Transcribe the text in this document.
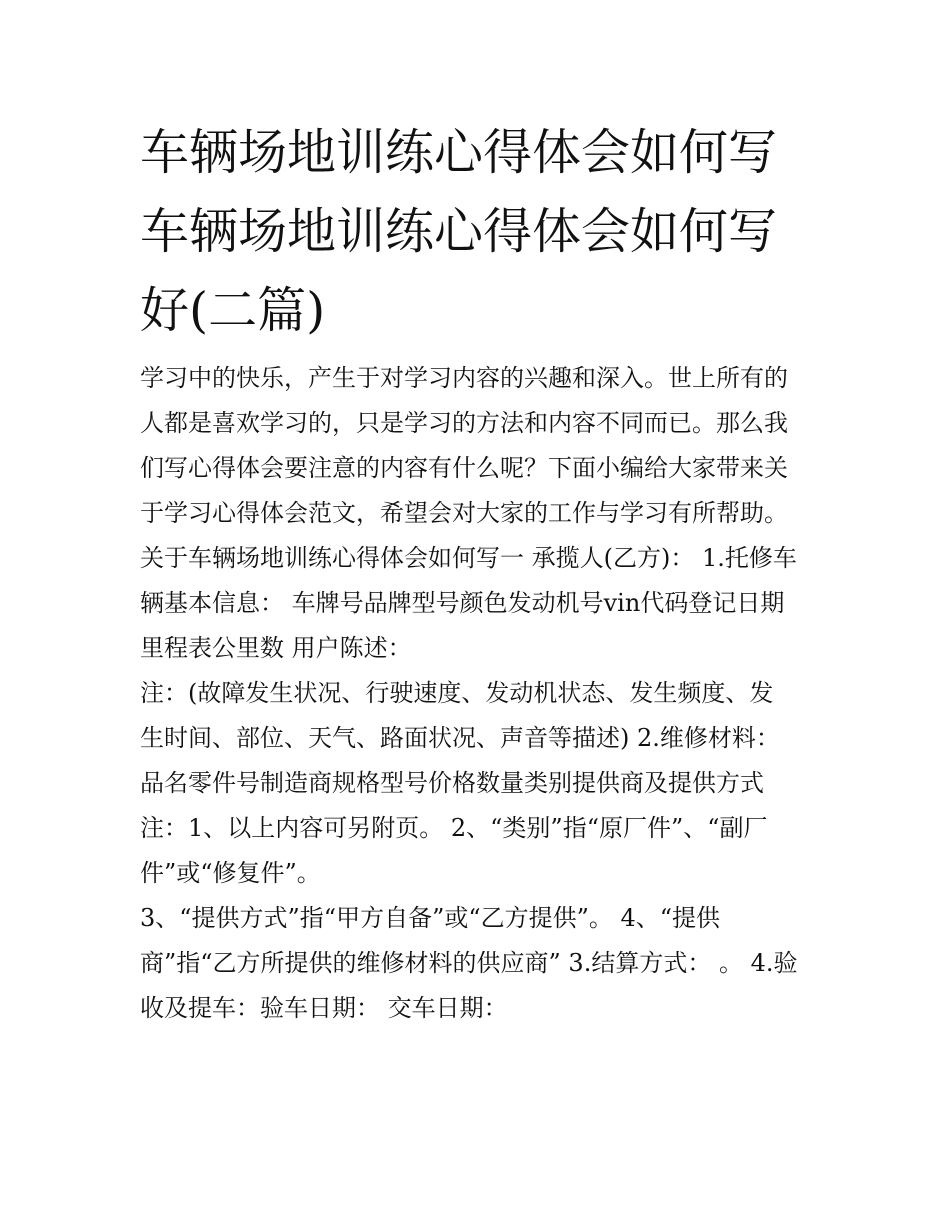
车辆场地训练心得体会如何写
车辆场地训练心得体会如何写
好(二篇)
学习中的快乐，产生于对学习内容的兴趣和深入。世上所有的
人都是喜欢学习的，只是学习的方法和内容不同而已。那么我
们写心得体会要注意的内容有什么呢？下面小编给大家带来关
于学习心得体会范文，希望会对大家的工作与学习有所帮助。
关于车辆场地训练心得体会如何写一 承揽人(乙方)： 1.托修车
辆基本信息： 车牌号品牌型号颜色发动机号vin代码登记日期
里程表公里数 用户陈述：
注：(故障发生状况、行驶速度、发动机状态、发生频度、发
生时间、部位、天气、路面状况、声音等描述) 2.维修材料：
品名零件号制造商规格型号价格数量类别提供商及提供方式
注：1、以上内容可另附页。 2、“类别”指“原厂件”、“副厂
件”或“修复件”。
3、“提供方式”指“甲方自备”或“乙方提供”。 4、“提供
商”指“乙方所提供的维修材料的供应商” 3.结算方式： 。 4.验
收及提车：验车日期： 交车日期：
